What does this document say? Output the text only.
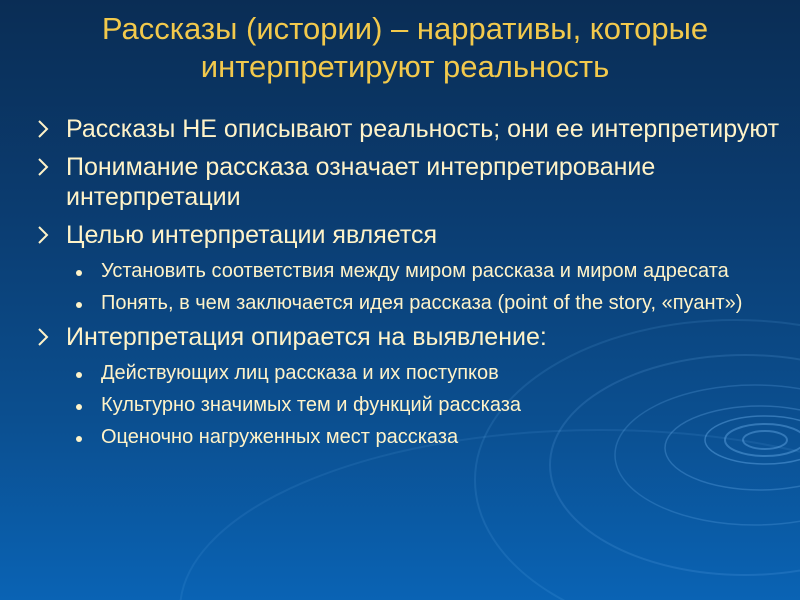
Рассказы (истории) – нарративы, которые интерпретируют реальность
Рассказы НЕ описывают реальность; они ее интерпретируют
Понимание рассказа означает интерпретирование интерпретации
Целью интерпретации является
Установить соответствия между миром рассказа и миром адресата
Понять, в чем заключается идея рассказа (point of the story, «пуант»)
Интерпретация опирается на выявление:
Действующих лиц рассказа и их поступков
Культурно значимых тем и функций рассказа
Оценочно нагруженных мест рассказа
